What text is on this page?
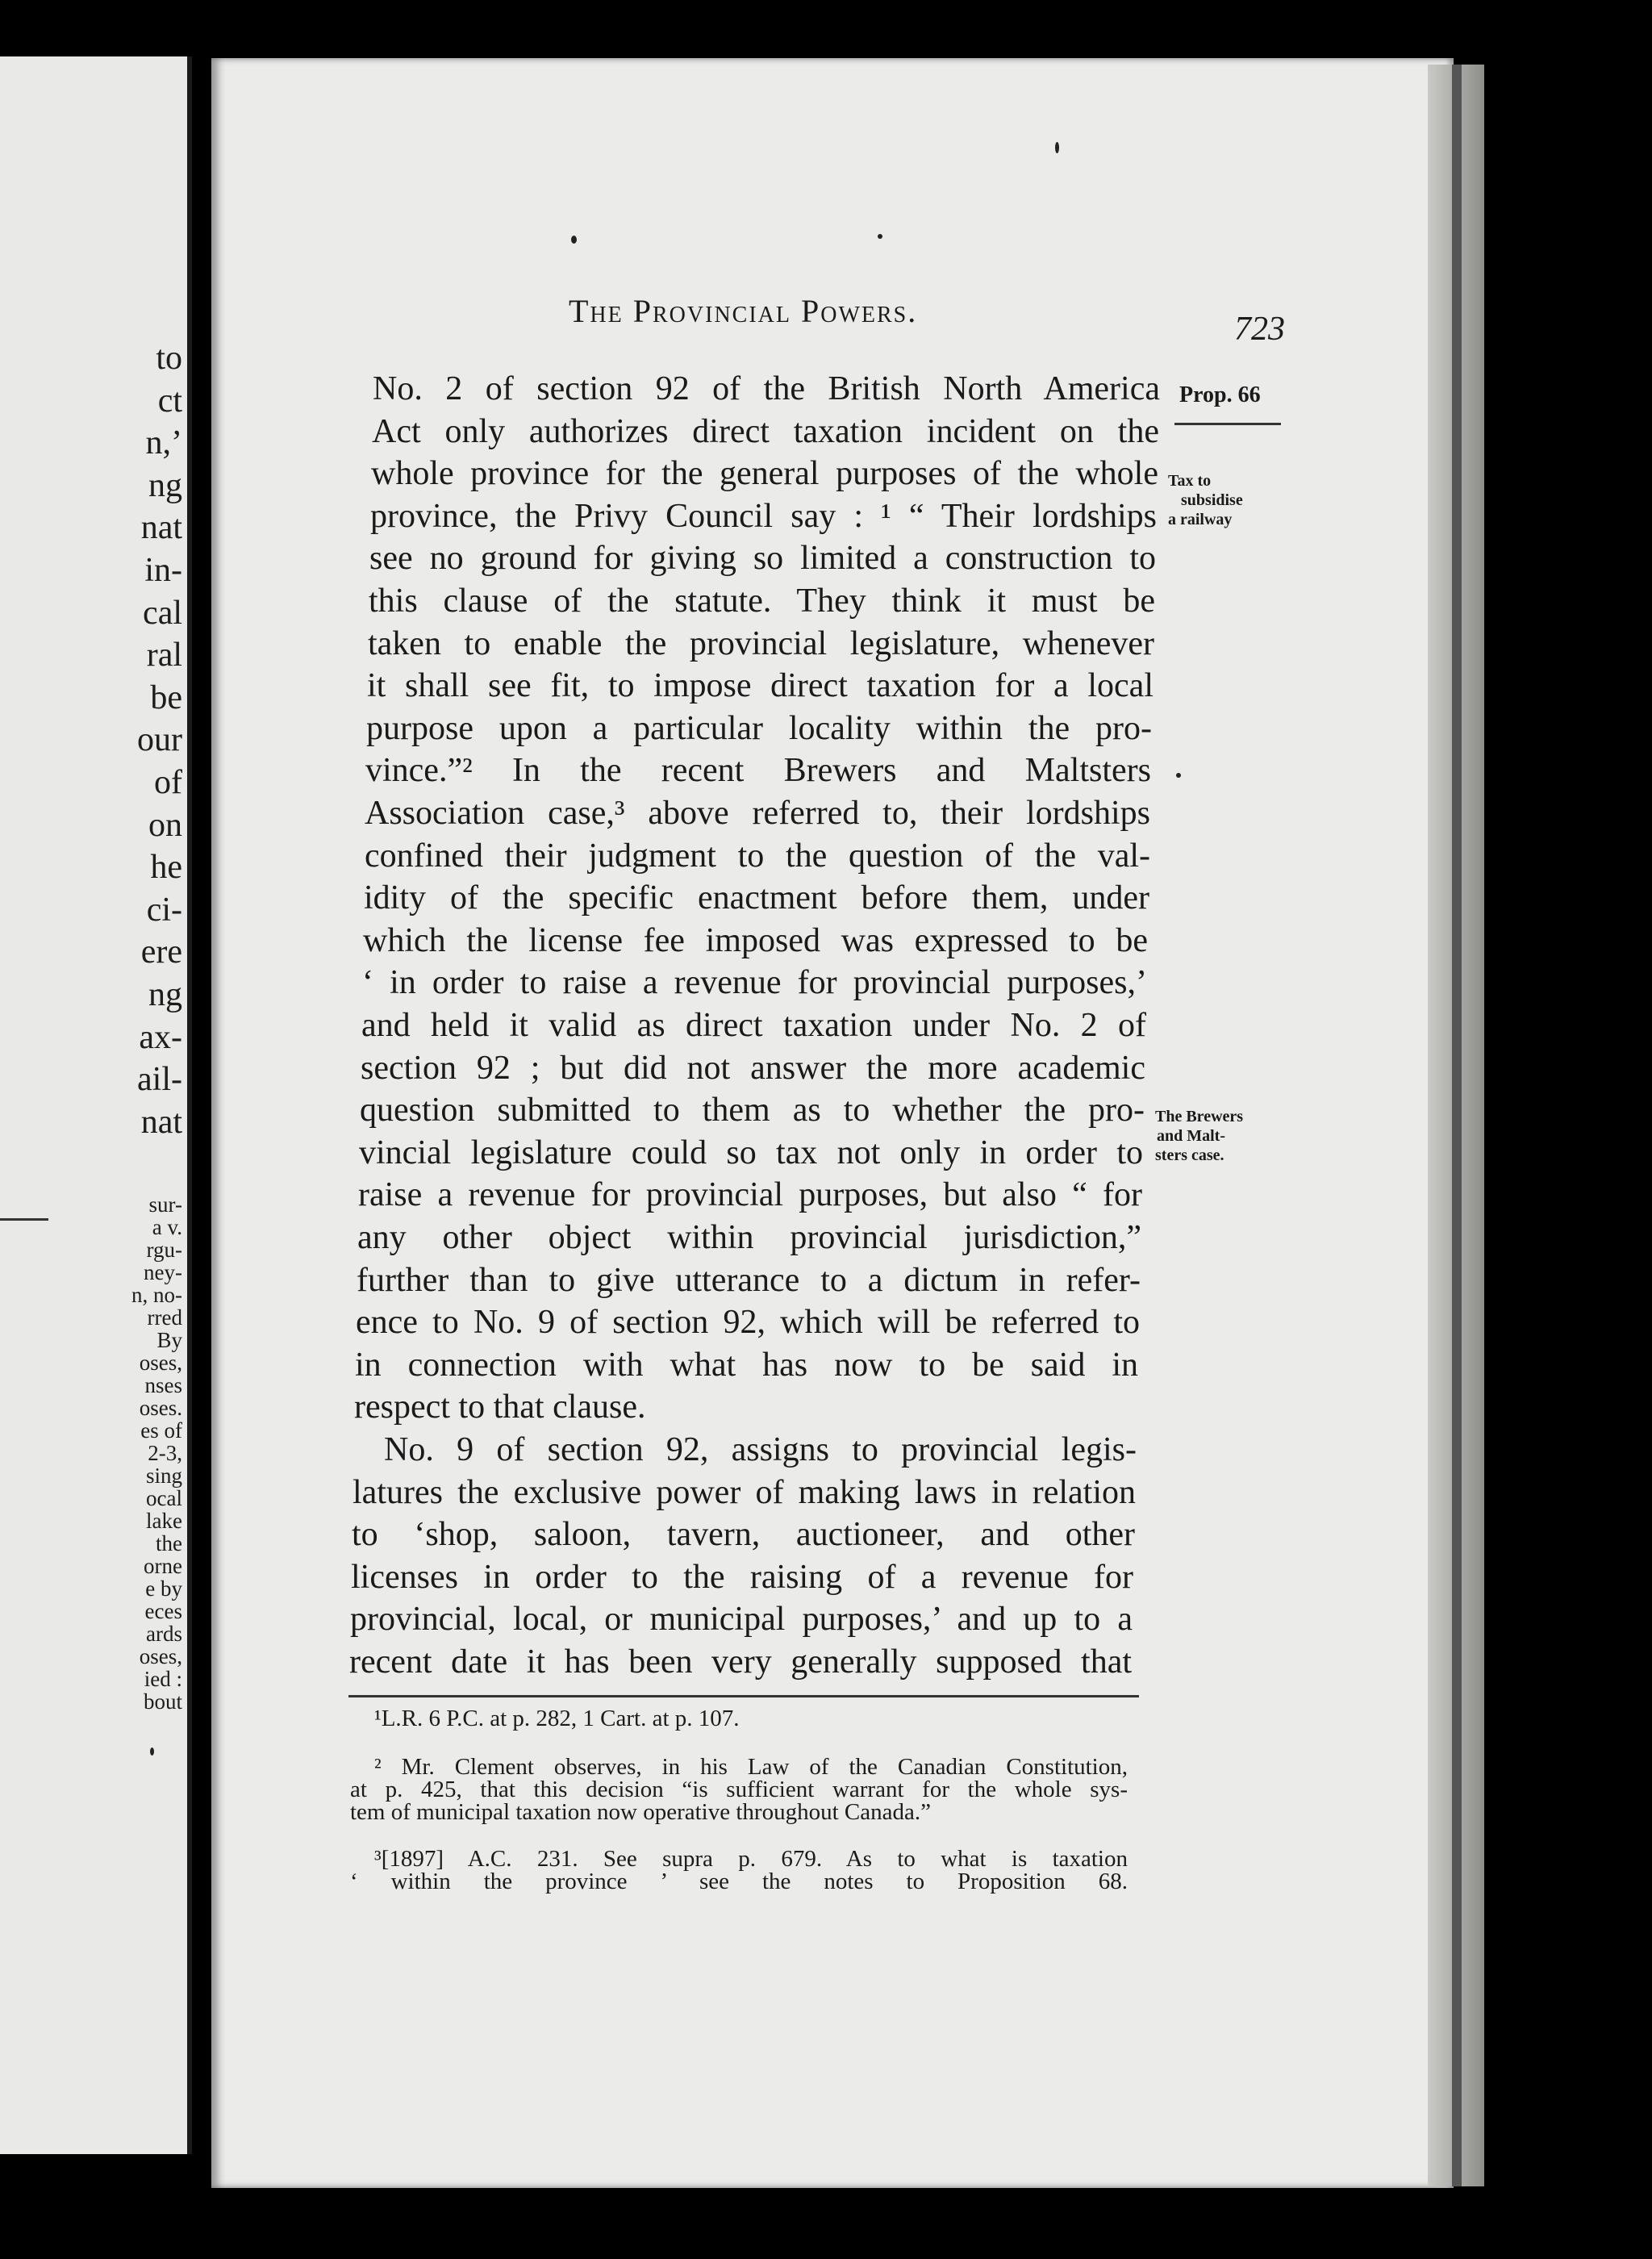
to
ct
n,’
ng
nat
in-
cal
ral
be
our
of
on
he
ci-
ere
ng
ax-
ail-
nat
sur-
a v.
rgu-
ney-
n, no-
rred
By
oses,
nses
oses.
es of
2-3,
sing
ocal
lake
the
orne
e by
eces
ards
oses,
ied :
bout
The Provincial Powers.	723
Prop. 66
Tax to
subsidise
a railway
The Brewers
and Malt-
sters case.
No. 2 of section 92 of the British North America
Act only authorizes direct taxation incident on the
whole province for the general purposes of the whole
province, the Privy Council say : ¹ “ Their lordships
see no ground for giving so limited a construction to
this clause of the statute. They think it must be
taken to enable the provincial legislature, whenever
it shall see fit, to impose direct taxation for a local
purpose upon a particular locality within the pro-
vince.”² In the recent Brewers and Maltsters
Association case,³ above referred to, their lordships
confined their judgment to the question of the val-
idity of the specific enactment before them, under
which the license fee imposed was expressed to be
‘ in order to raise a revenue for provincial purposes,’
and held it valid as direct taxation under No. 2 of
section 92 ; but did not answer the more academic
question submitted to them as to whether the pro-
vincial legislature could so tax not only in order to
raise a revenue for provincial purposes, but also “ for
any other object within provincial jurisdiction,”
further than to give utterance to a dictum in refer-
ence to No. 9 of section 92, which will be referred to
in connection with what has now to be said in
respect to that clause.
No. 9 of section 92, assigns to provincial legis-
latures the exclusive power of making laws in relation
to ‘shop, saloon, tavern, auctioneer, and other
licenses in order to the raising of a revenue for
provincial, local, or municipal purposes,’ and up to a
recent date it has been very generally supposed that
¹L.R. 6 P.C. at p. 282, 1 Cart. at p. 107.
² Mr. Clement observes, in his Law of the Canadian Constitution,
at p. 425, that this decision “is sufficient warrant for the whole sys-
tem of municipal taxation now operative throughout Canada.”
³[1897] A.C. 231. See supra p. 679. As to what is taxation
‘ within the province ’ see the notes to Proposition 68.
